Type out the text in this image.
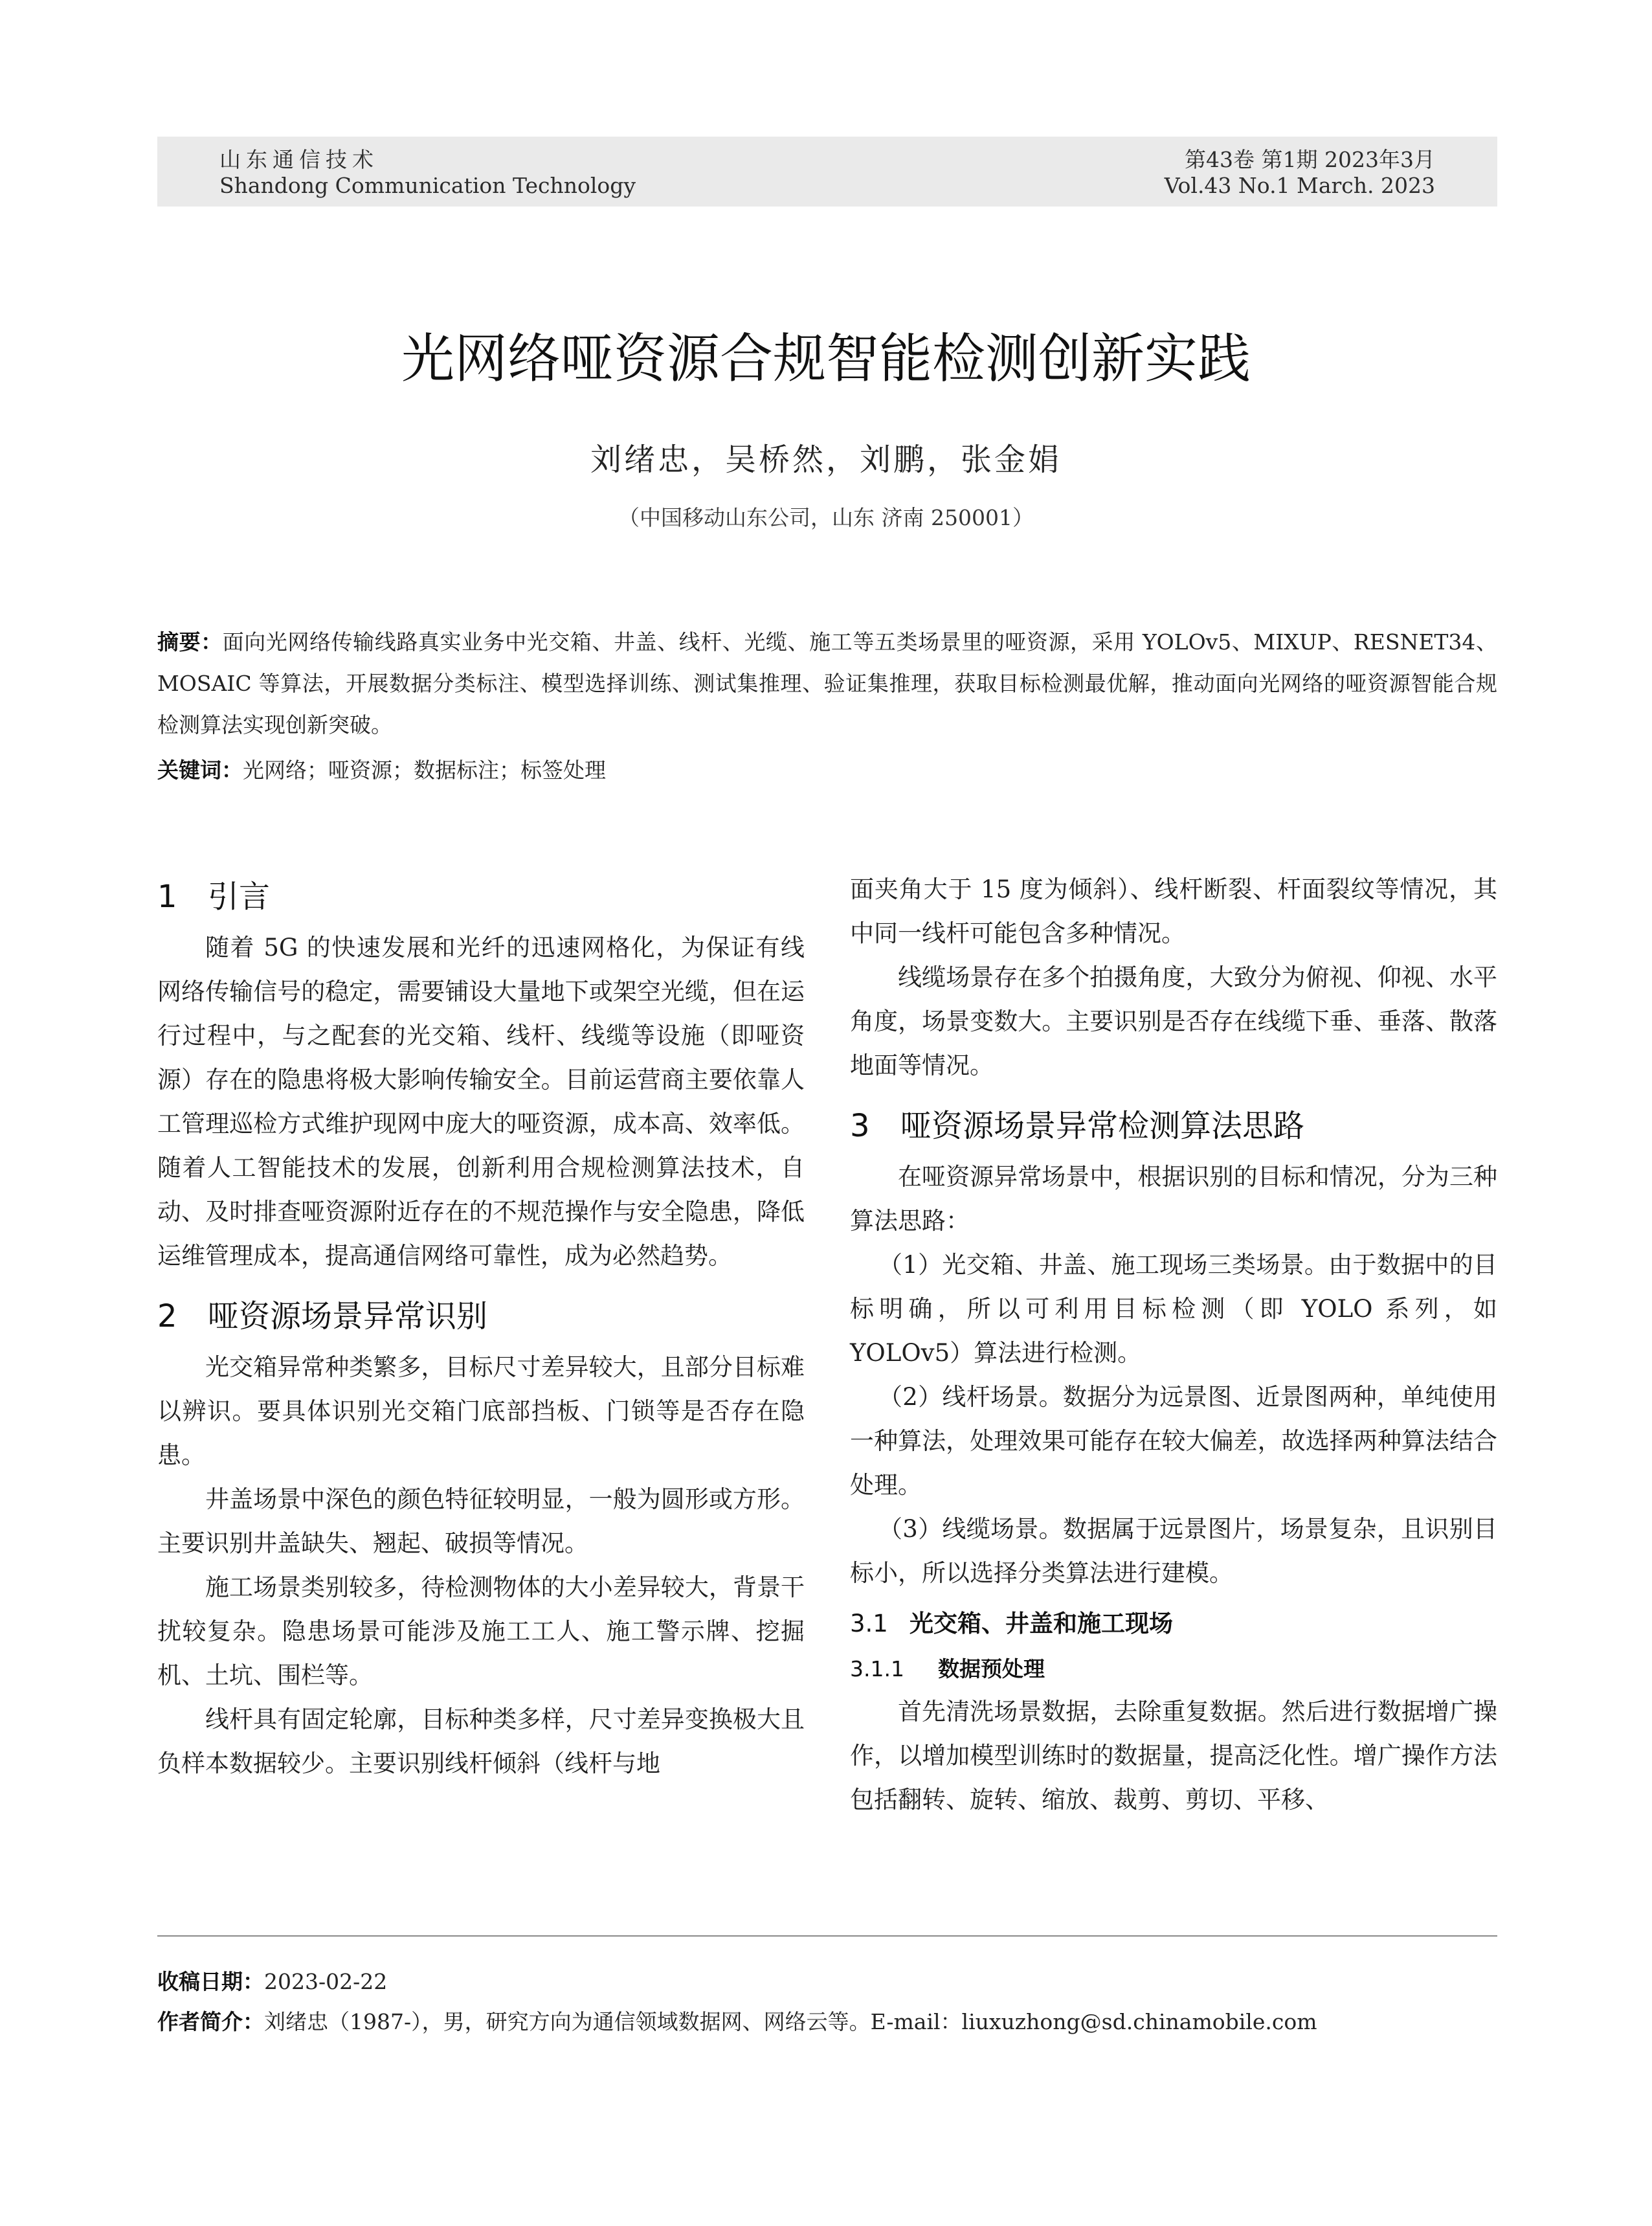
山东通信技术
Shandong Communication Technology
第43卷 第1期 2023年3月
Vol.43 No.1 March. 2023
光网络哑资源合规智能检测创新实践
刘绪忠，吴桥然，刘鹏，张金娟
（中国移动山东公司，山东 济南 250001）
摘要：面向光网络传输线路真实业务中光交箱、井盖、线杆、光缆、施工等五类场景里的哑资源，采用 YOLOv5、MIXUP、RESNET34、MOSAIC 等算法，开展数据分类标注、模型选择训练、测试集推理、验证集推理，获取目标检测最优解，推动面向光网络的哑资源智能合规检测算法实现创新突破。
关键词：光网络；哑资源；数据标注；标签处理
1 引言

随着 5G 的快速发展和光纤的迅速网格化，为保证有线网络传输信号的稳定，需要铺设大量地下或架空光缆，但在运行过程中，与之配套的光交箱、线杆、线缆等设施（即哑资源）存在的隐患将极大影响传输安全。目前运营商主要依靠人工管理巡检方式维护现网中庞大的哑资源，成本高、效率低。随着人工智能技术的发展，创新利用合规检测算法技术，自动、及时排查哑资源附近存在的不规范操作与安全隐患，降低运维管理成本，提高通信网络可靠性，成为必然趋势。

2 哑资源场景异常识别

光交箱异常种类繁多，目标尺寸差异较大，且部分目标难以辨识。要具体识别光交箱门底部挡板、门锁等是否存在隐患。

井盖场景中深色的颜色特征较明显，一般为圆形或方形。主要识别井盖缺失、翘起、破损等情况。

施工场景类别较多，待检测物体的大小差异较大，背景干扰较复杂。隐患场景可能涉及施工工人、施工警示牌、挖掘机、土坑、围栏等。

线杆具有固定轮廓，目标种类多样，尺寸差异变换极大且负样本数据较少。主要识别线杆倾斜（线杆与地

面夹角大于 15 度为倾斜）、线杆断裂、杆面裂纹等情况，其中同一线杆可能包含多种情况。

线缆场景存在多个拍摄角度，大致分为俯视、仰视、水平角度，场景变数大。主要识别是否存在线缆下垂、垂落、散落地面等情况。

3 哑资源场景异常检测算法思路

在哑资源异常场景中，根据识别的目标和情况，分为三种算法思路：

（1）光交箱、井盖、施工现场三类场景。由于数据中的目标明确，所以可利用目标检测（即 YOLO 系列，如 YOLOv5）算法进行检测。

（2）线杆场景。数据分为远景图、近景图两种，单纯使用一种算法，处理效果可能存在较大偏差，故选择两种算法结合处理。

（3）线缆场景。数据属于远景图片，场景复杂，且识别目标小，所以选择分类算法进行建模。

3.1 光交箱、井盖和施工现场
3.1.1 数据预处理

首先清洗场景数据，去除重复数据。然后进行数据增广操作，以增加模型训练时的数据量，提高泛化性。增广操作方法包括翻转、旋转、缩放、裁剪、剪切、平移、

收稿日期：2023-02-22
作者简介：刘绪忠（1987-），男，研究方向为通信领域数据网、网络云等。E-mail：liuxuzhong@sd.chinamobile.com
